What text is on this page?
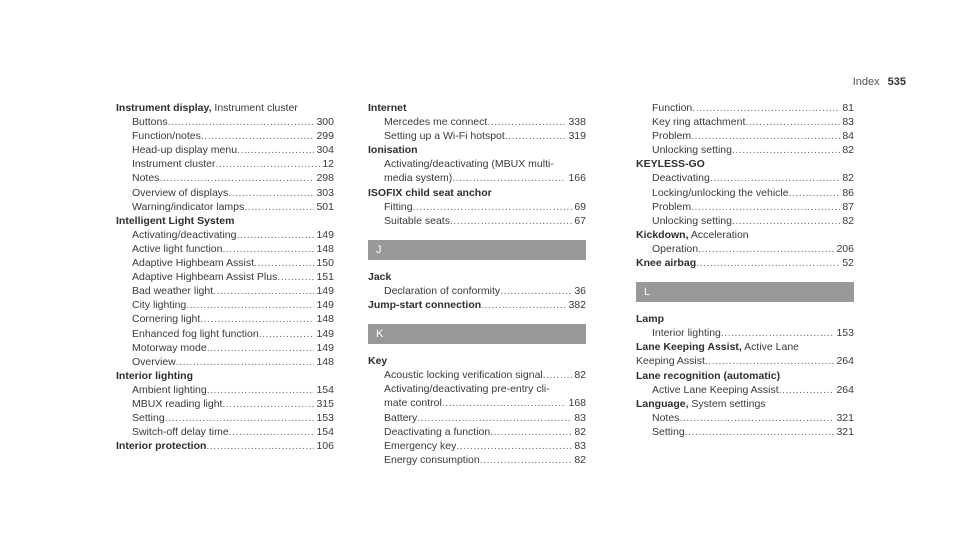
Index 535
Instrument display, Instrument cluster
Buttons .....	300
Function/notes .....	299
Head-up display menu .....	304
Instrument cluster .....	12
Notes .....	298
Overview of displays .....	303
Warning/indicator lamps .....	501
Intelligent Light System
Activating/deactivating .....	149
Active light function .....	148
Adaptive Highbeam Assist .....	150
Adaptive Highbeam Assist Plus .....	151
Bad weather light .....	149
City lighting .....	149
Cornering light .....	148
Enhanced fog light function .....	149
Motorway mode .....	149
Overview .....	148
Interior lighting
Ambient lighting .....	154
MBUX reading light .....	315
Setting .....	153
Switch-off delay time .....	154
Interior protection .....	106
Internet
Mercedes me connect .....	338
Setting up a Wi-Fi hotspot .....	319
Ionisation
Activating/deactivating (MBUX multi-
media system) .....	166
ISOFIX child seat anchor
Fitting .....	69
Suitable seats .....	67
J
Jack
Declaration of conformity .....	36
Jump-start connection .....	382
K
Key
Acoustic locking verification signal .....	82
Activating/deactivating pre-entry cli-
mate control .....	168
Battery .....	83
Deactivating a function .....	82
Emergency key .....	83
Energy consumption .....	82
Function .....	81
Key ring attachment .....	83
Problem .....	84
Unlocking setting .....	82
KEYLESS-GO
Deactivating .....	82
Locking/unlocking the vehicle .....	86
Problem .....	87
Unlocking setting .....	82
Kickdown, Acceleration
Operation .....	206
Knee airbag .....	52
L
Lamp
Interior lighting .....	153
Lane Keeping Assist, Active Lane
Keeping Assist .....	264
Lane recognition (automatic)
Active Lane Keeping Assist .....	264
Language, System settings
Notes .....	321
Setting .....	321
